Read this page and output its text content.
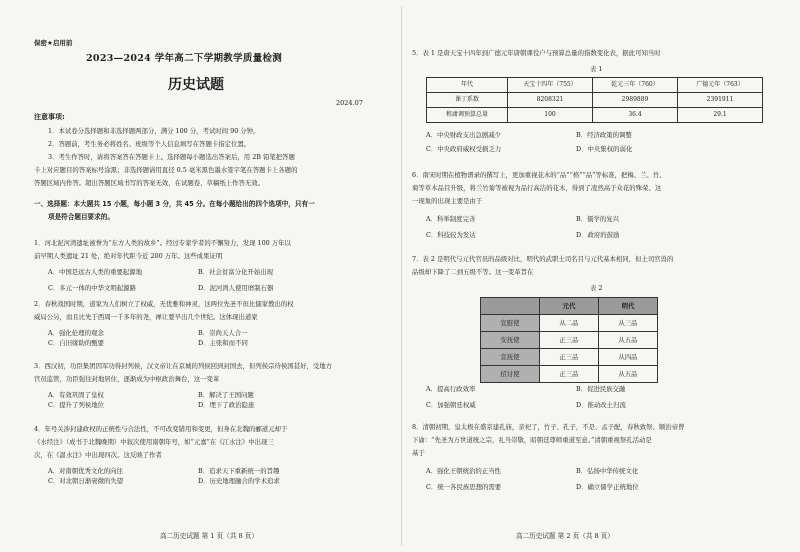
保密★启用前
2023—2024 学年高二下学期教学质量检测
历史试题
2024.07
注意事项:
1．本试卷分选择题和非选择题两部分，满分 100 分，考试时间 90 分钟。
2．答题前，考生务必将姓名、班级等个人信息填写在答题卡指定位置。
3．考生作答时，请将答案答在答题卡上。选择题每小题选出答案后，用 2B 铅笔把答题
卡上对应题目的答案标号涂黑；非选择题请用直径 0.5 毫米黑色墨水签字笔在答题卡上各题的
答题区域内作答。超出答题区域书写的答案无效，在试题卷、草稿纸上作答无效。
一、选择题：本大题共 15 小题，每小题 3 分，共 45 分。在每小题给出的四个选项中，只有一
项是符合题目要求的。
1．河北泥河湾遗址被誉为“东方人类的故乡”。经过专家学者的不懈努力，发现 100 万年以
前早期人类遗址 21 处，绝对年代距今近 200 万年。这些成果证明
A．中国是远古人类的重要起源地	B．社会贫富分化开始出现
C．多元一体的中华文明起源路	D．泥河湾人使用磨制石器
2．春秋战国时期，道家为人们树立了权威，无优雅和神灵，这两位先圣不但比儒家教出的权
威局公另，而且比先于西周一千多年的尧，禅让要早出几个世纪。这体现出道家
A．强化伦理的观念	B．崇尚天人合一
C．自旧缘助的甄要	D．主张和而不同
3．西汉初，功臣集团因军功得封列侯，汉文帝让在京城的列侯回到封国去，但列侯宗待侯国甚好，受地方
官员监管，功臣强往封地居住，逐渐成为中枢政治舞台，这一变革
A．有效巩固了皇权	B．解决了王国问题
C．提升了列侯地位	D．埋下了政治隐患
4．年号关涉封建政权的正统性与合法性，不可改变错用和变更，但身在北魏的郦道元却于
《水经注》（成书于北魏晚期）中叙次使用南朝年号，如“元嘉”在《江水注》中出现三
次，在《温水注》中出现四次。这反映了作者
A．对南朝优秀文化的向往	B．追求天下重新统一的旨趣
C．对北朝日渐衰微的失望	D．历史地理融合的学术追求
高二历史试题 第 1 页（共 8 页）
5．表 1 是唐天宝十四年到广德元年唐朝课役户与预算总量的指数变化表，据此可知当时
表 1
年代	天宝十四年（755）	乾元三年（760）	广德元年（763）
课丁系数	8208321	2989889	2391911
租庸调预算总量	100	36.4	29.1
A．中央财政支出急剧减少	B．经济政策的调整
C．中央政府威权受损乏力	D．中央集权的弱化
6．南宋时期在植物谱录的撰写上，更加重视花木的“品”“格”“品”等标准，把梅、兰、竹、
菊等草木品目升级，将兰竹菊等被视为品行高洁的花木，得到了凌然高于众花的殊荣。这
一现象的出现主要是由于
A．科举制度完善	B．儒学的复兴
C．科技较为发达	D．政府的鼓励
7．表 2 是明代与元代官员的品级对比，明代的武职土司名目与元代基本相同，但土司官兽的
品级却下降了二到五级不等。这一变革旨在
表 2
	元代	明代
宣慰使	从二品	从三品
安抚使	正三品	从五品
宣抚使	正三品	从四品
招讨使	正三品	从五品
A．提高行政效率	B．促进民族交融
C．加强朝廷权威	D．推动改土归流
8．清朝初期，皇太极在盛京建孔庙，亲祀了，竹子、孔子，不是、孟子配，春秋致祭。顺治帝曾
下谕：“先圣为万世道统之宗，礼当崇敬，昭朝廷尊师重道至意。”清朝重视祭孔活动是
基于
A．强化王朝统治的正当性	B．弘扬中华传统文化
C．统一各民族思想的需要	D．确立儒学正统地位
高二历史试题 第 2 页（共 8 页）
